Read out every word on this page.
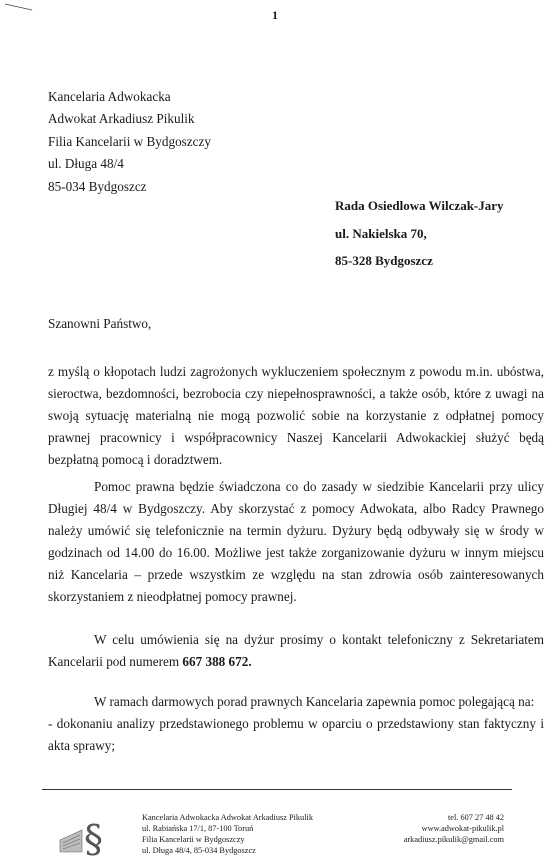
1
Kancelaria Adwokacka
Adwokat Arkadiusz Pikulik
Filia Kancelarii w Bydgoszczy
ul. Długa 48/4
85-034 Bydgoszcz
Rada Osiedlowa Wilczak-Jary
ul. Nakielska 70,
85-328 Bydgoszcz
Szanowni Państwo,

z myślą o kłopotach ludzi zagrożonych wykluczeniem społecznym z powodu m.in. ubóstwa, sieroctwa, bezdomności, bezrobocia czy niepełnosprawności, a także osób, które z uwagi na swoją sytuację materialną nie mogą pozwolić sobie na korzystanie z odpłatnej pomocy prawnej pracownicy i współpracownicy Naszej Kancelarii Adwokackiej służyć będą bezpłatną pomocą i doradztwem.

Pomoc prawna będzie świadczona co do zasady w siedzibie Kancelarii przy ulicy Długiej 48/4 w Bydgoszczy. Aby skorzystać z pomocy Adwokata, albo Radcy Prawnego należy umówić się telefonicznie na termin dyżuru. Dyżury będą odbywały się w środy w godzinach od 14.00 do 16.00. Możliwe jest także zorganizowanie dyżuru w innym miejscu niż Kancelaria – przede wszystkim ze względu na stan zdrowia osób zainteresowanych skorzystaniem z nieodpłatnej pomocy prawnej.

W celu umówienia się na dyżur prosimy o kontakt telefoniczny z Sekretariatem Kancelarii pod numerem 667 388 672.

W ramach darmowych porad prawnych Kancelaria zapewnia pomoc polegającą na:

- dokonaniu analizy przedstawionego problemu w oparciu o przedstawiony stan faktyczny i akta sprawy;

§	Kancelaria Adwokacka Adwokat Arkadiusz Pikulik
ul. Rabiańska 17/1, 87-100 Toruń
Filia Kancelarii w Bydgoszczy
ul. Długa 48/4, 85-034 Bydgoszcz
tel. 607 27 48 42
www.adwokat-pikulik.pl
arkadiusz.pikulik@gmail.com
